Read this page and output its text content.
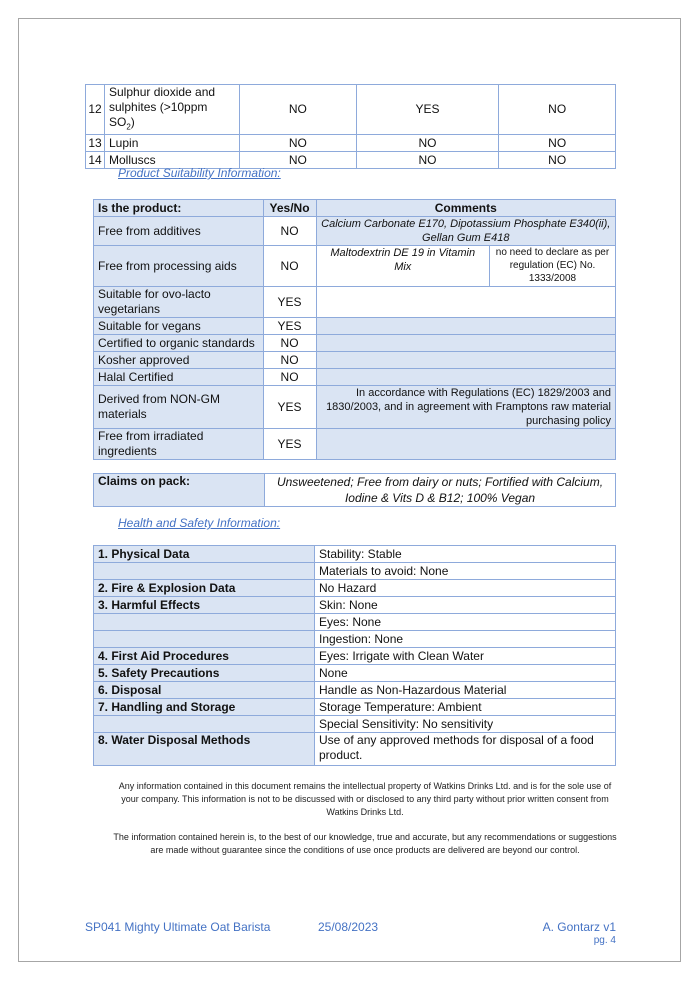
12	Sulphur dioxide and
sulphites (>10ppm $SO_2$)	NO	YES	NO
13	Lupin	NO	NO	NO
14	Molluscs	NO	NO	NO
Product Suitability Information:
Is the product:	Yes/No	Comments	
Free from additives	NO	Calcium Carbonate E170, Dipotassium Phosphate E340(ii), Gellan Gum E418	
Free from processing aids	NO	Maltodextrin DE 19 in Vitamin Mix	no need to declare as per regulation (EC) No. 1333/2008
Suitable for ovo-lacto vegetarians	YES		
Suitable for vegans	YES		
Certified to organic standards	NO		
Kosher approved	NO		
Halal Certified	NO		
Derived from NON-GM materials	YES	In accordance with Regulations (EC) 1829/2003 and 1830/2003, and in agreement with Framptons raw material purchasing policy	
Free from irradiated ingredients	YES		
Claims on pack:	Unsweetened; Free from dairy or nuts; Fortified with Calcium, Iodine & Vits D & B12; 100% Vegan
Health and Safety Information:
1. Physical Data	Stability: Stable
	Materials to avoid: None
2. Fire & Explosion Data	No Hazard
3. Harmful Effects	Skin: None
	Eyes: None
	Ingestion: None
4. First Aid Procedures	Eyes: Irrigate with Clean Water
5. Safety Precautions	None
6. Disposal	Handle as Non-Hazardous Material
7. Handling and Storage	Storage Temperature: Ambient
	Special Sensitivity: No sensitivity
8. Water Disposal Methods	Use of any approved methods for disposal of a food product.
Any information contained in this document remains the intellectual property of Watkins Drinks Ltd. and is for the sole use of your company. This information is not to be discussed with or disclosed to any third party without prior written consent from Watkins Drinks Ltd.
The information contained herein is, to the best of our knowledge, true and accurate, but any recommendations or suggestions are made without guarantee since the conditions of use once products are delivered are beyond our control.
SP041 Mighty Ultimate Oat Barista	25/08/2023	A. Gontarz v1
pg. 4
